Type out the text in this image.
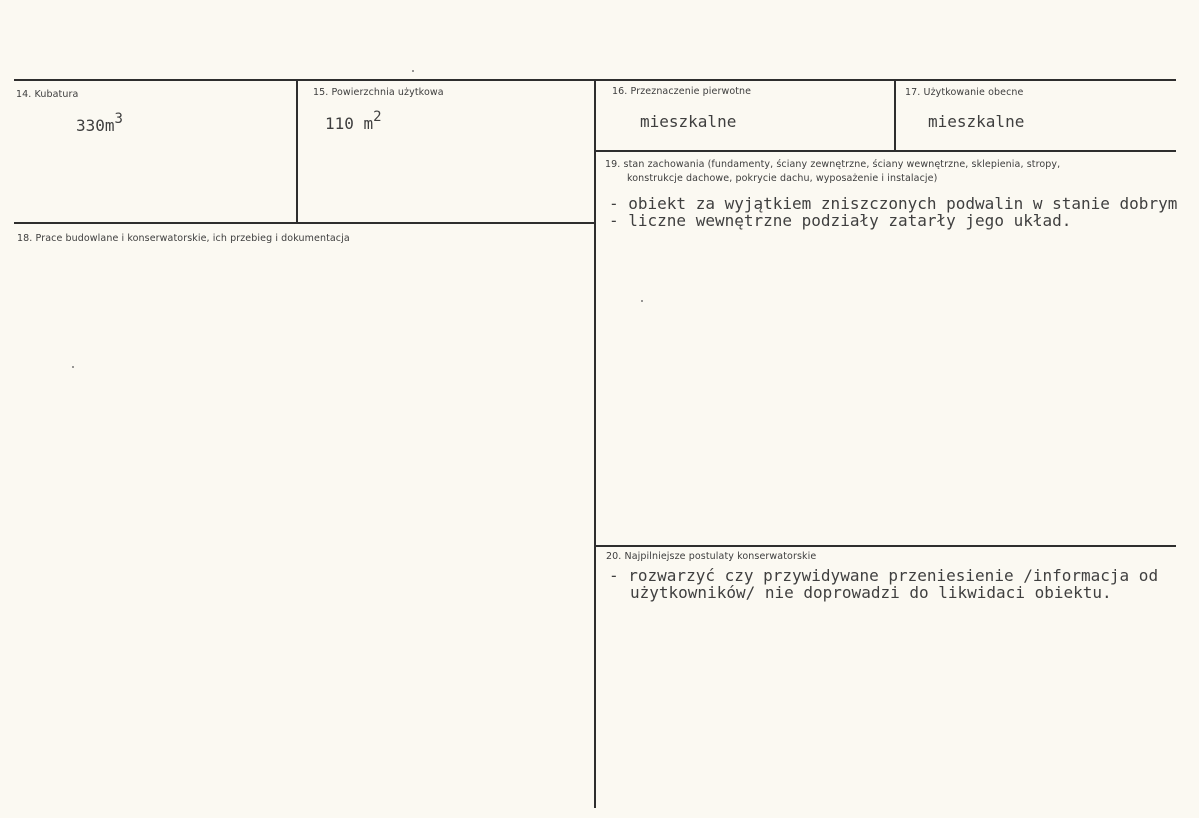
14. Kubatura
330m3
15. Powierzchnia użytkowa
110 m2
16. Przeznaczenie pierwotne
mieszkalne
17. Użytkowanie obecne
mieszkalne
18. Prace budowlane i konserwatorskie, ich przebieg i dokumentacja
19. stan zachowania (fundamenty, ściany zewnętrzne, ściany wewnętrzne, sklepienia, stropy,
konstrukcje dachowe, pokrycie dachu, wyposażenie i instalacje)
- obiekt za wyjątkiem zniszczonych podwalin w stanie dobrym
- liczne wewnętrzne podziały zatarły jego układ.
20. Najpilniejsze postulaty konserwatorskie
- rozwarzyć czy przywidywane przeniesienie /informacja od
użytkowników/ nie doprowadzi do likwidaci obiektu.
